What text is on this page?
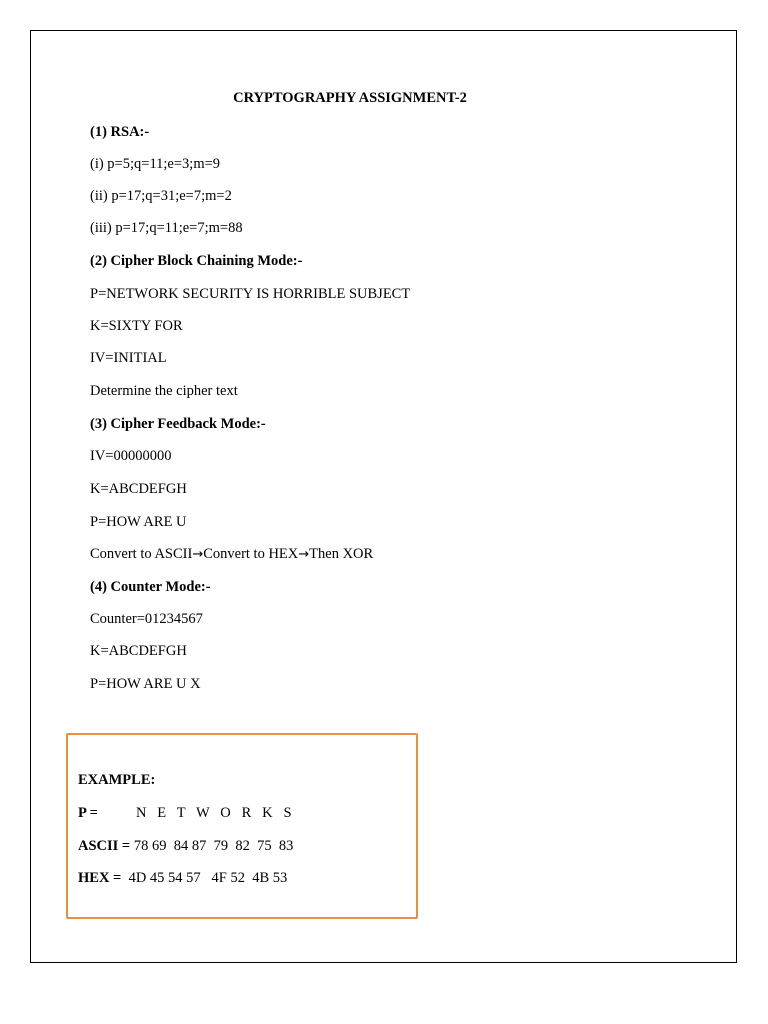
CRYPTOGRAPHY ASSIGNMENT-2
(1) RSA:-
(i) p=5;q=11;e=3;m=9
(ii) p=17;q=31;e=7;m=2
(iii) p=17;q=11;e=7;m=88
(2) Cipher Block Chaining Mode:-
P=NETWORK SECURITY IS HORRIBLE SUBJECT
K=SIXTY FOR
IV=INITIAL
Determine the cipher text
(3) Cipher Feedback Mode:-
IV=00000000
K=ABCDEFGH
P=HOW ARE U
Convert to ASCII→Convert to HEX→Then XOR
(4) Counter Mode:-
Counter=01234567
K=ABCDEFGH
P=HOW ARE U X
EXAMPLE:
P =	N   E   T   W   O   R   K   S
ASCII = 78 69  84 87  79  82  75  83
HEX = 4D 45 54 57   4F 52  4B 53
